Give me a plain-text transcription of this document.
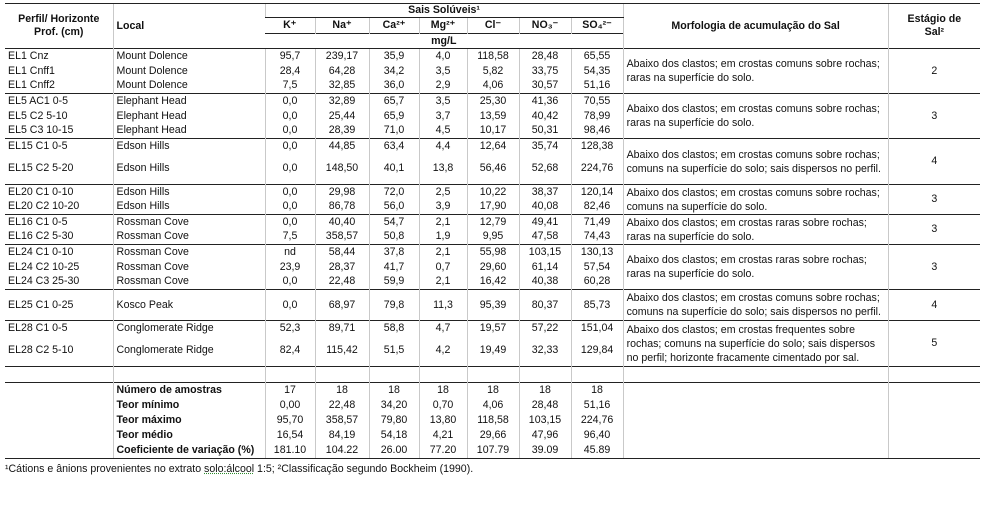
Perfil/ Horizonte
Prof. (cm)	Local	Sais Solúveis¹							Morfologia de acumulação do Sal	Estágio de
Sal²
		K⁺	Na⁺	Ca²⁺	Mg²⁺	Cl⁻	NO₃⁻	SO₄²⁻		
		mg/L								
EL1 Cnz	Mount Dolence	95,7	239,17	35,9	4,0	118,58	28,48	65,55	Abaixo dos clastos; em crostas comuns sobre rochas; raras na superfície do solo.	2
EL1 Cnff1	Mount Dolence	28,4	64,28	34,2	3,5	5,82	33,75	54,35		
EL1 Cnff2	Mount Dolence	7,5	32,85	36,0	2,9	4,06	30,57	51,16		
EL5 AC1 0-5	Elephant Head	0,0	32,89	65,7	3,5	25,30	41,36	70,55	Abaixo dos clastos; em crostas comuns sobre rochas; raras na superfície do solo.	3
EL5 C2 5-10	Elephant Head	0,0	25,44	65,9	3,7	13,59	40,42	78,99		
EL5 C3 10-15	Elephant Head	0,0	28,39	71,0	4,5	10,17	50,31	98,46		
EL15 C1 0-5	Edson Hills	0,0	44,85	63,4	4,4	12,64	35,74	128,38	Abaixo dos clastos; em crostas comuns sobre rochas; comuns na superfície do solo; sais dispersos no perfil.	4
EL15 C2 5-20	Edson Hills	0,0	148,50	40,1	13,8	56,46	52,68	224,76		
EL20 C1 0-10	Edson Hills	0,0	29,98	72,0	2,5	10,22	38,37	120,14	Abaixo dos clastos; em crostas comuns sobre rochas; comuns na superfície do solo.	3
EL20 C2 10-20	Edson Hills	0,0	86,78	56,0	3,9	17,90	40,08	82,46		
EL16 C1 0-5	Rossman Cove	0,0	40,40	54,7	2,1	12,79	49,41	71,49	Abaixo dos clastos; em crostas raras sobre rochas; raras na superfície do solo.	3
EL16 C2 5-30	Rossman Cove	7,5	358,57	50,8	1,9	9,95	47,58	74,43		
EL24 C1 0-10	Rossman Cove	nd	58,44	37,8	2,1	55,98	103,15	130,13	Abaixo dos clastos; em crostas raras sobre rochas; raras na superfície do solo.	3
EL24 C2 10-25	Rossman Cove	23,9	28,37	41,7	0,7	29,60	61,14	57,54		
EL24 C3 25-30	Rossman Cove	0,0	22,48	59,9	2,1	16,42	40,38	60,28		
EL25 C1 0-25	Kosco Peak	0,0	68,97	79,8	11,3	95,39	80,37	85,73	Abaixo dos clastos; em crostas comuns sobre rochas; comuns na superfície do solo; sais dispersos no perfil.	4
EL28 C1 0-5	Conglomerate Ridge	52,3	89,71	58,8	4,7	19,57	57,22	151,04	Abaixo dos clastos; em crostas frequentes sobre rochas; comuns na superfície do solo; sais dispersos no perfil; horizonte fracamente cimentado por sal.	5
EL28 C2 5-10	Conglomerate Ridge	82,4	115,42	51,5	4,2	19,49	32,33	129,84		

	Número de amostras	17	18	18	18	18	18	18		
	Teor mínimo	0,00	22,48	34,20	0,70	4,06	28,48	51,16		
	Teor máximo	95,70	358,57	79,80	13,80	118,58	103,15	224,76		
	Teor médio	16,54	84,19	54,18	4,21	29,66	47,96	96,40		
	Coeficiente de variação (%)	181.10	104.22	26.00	77.20	107.79	39.09	45.89		
¹Cátions e ânions provenientes no extrato solo:álcool 1:5; ²Classificação segundo Bockheim (1990).
